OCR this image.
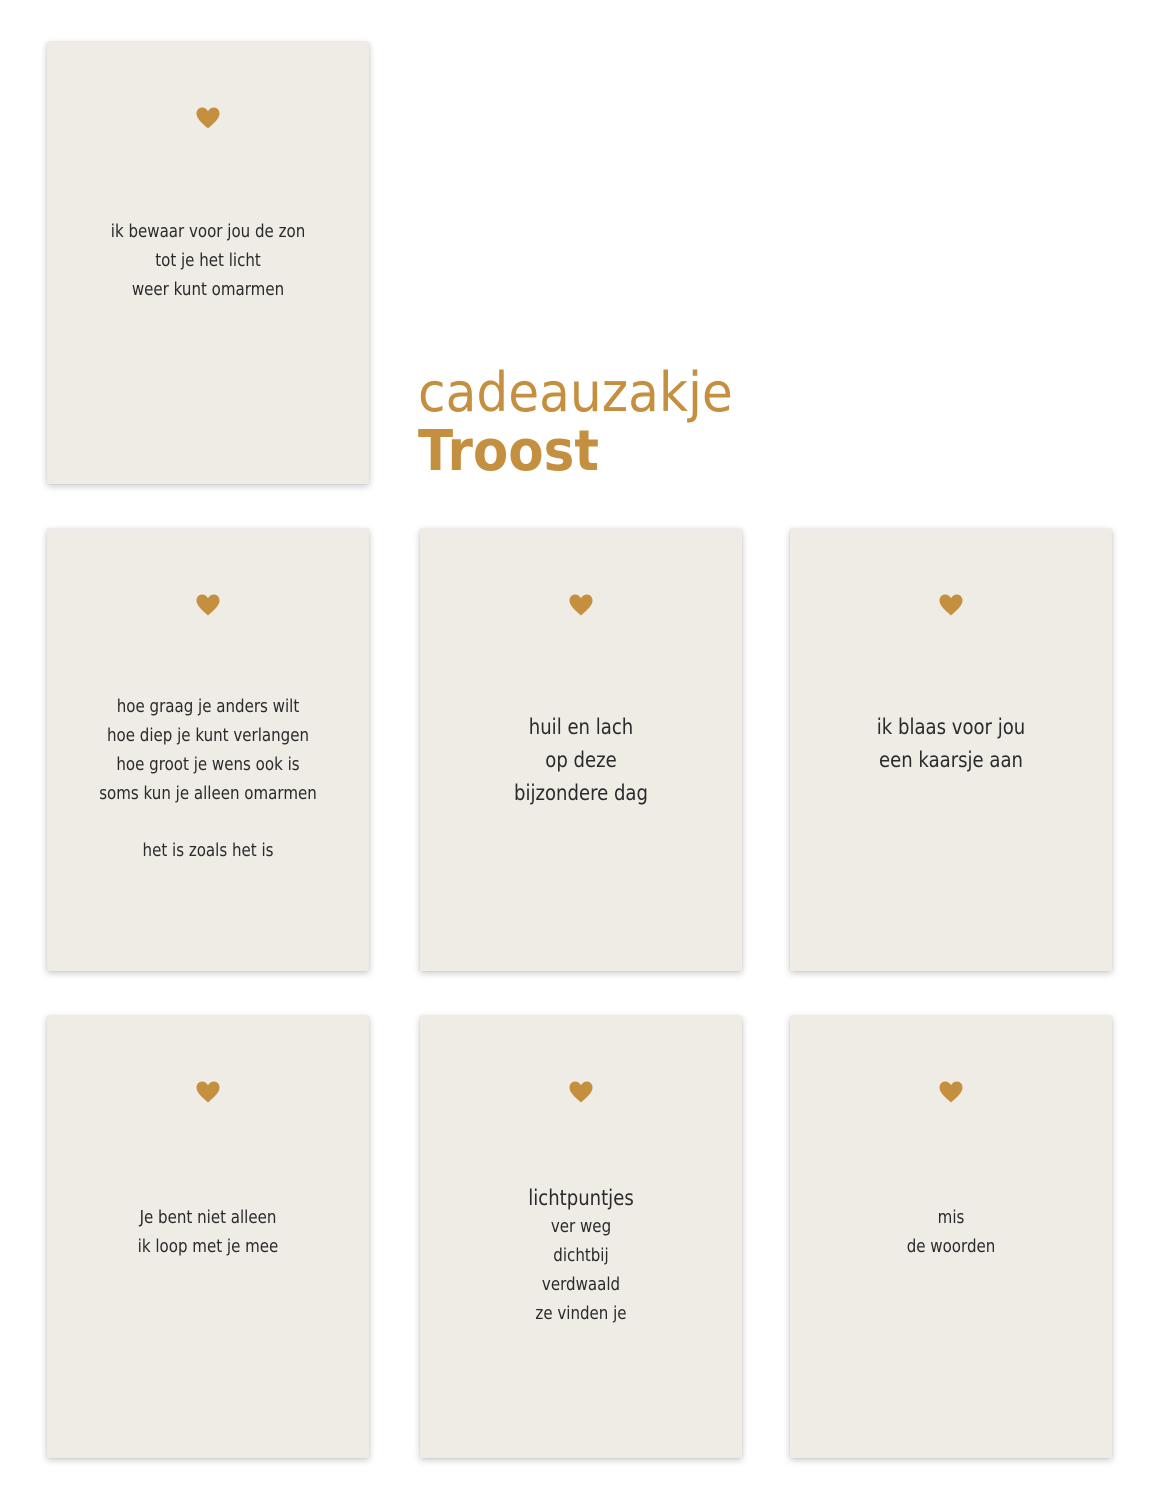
ik bewaar voor jou de zon
tot je het licht
weer kunt omarmen
cadeauzakje
Troost
hoe graag je anders wilt
hoe diep je kunt verlangen
hoe groot je wens ook is
soms kun je alleen omarmen
het is zoals het is
huil en lach
op deze
bijzondere dag
ik blaas voor jou
een kaarsje aan
Je bent niet alleen
ik loop met je mee
lichtpuntjes
ver weg
dichtbij
verdwaald
ze vinden je
mis
de woorden
